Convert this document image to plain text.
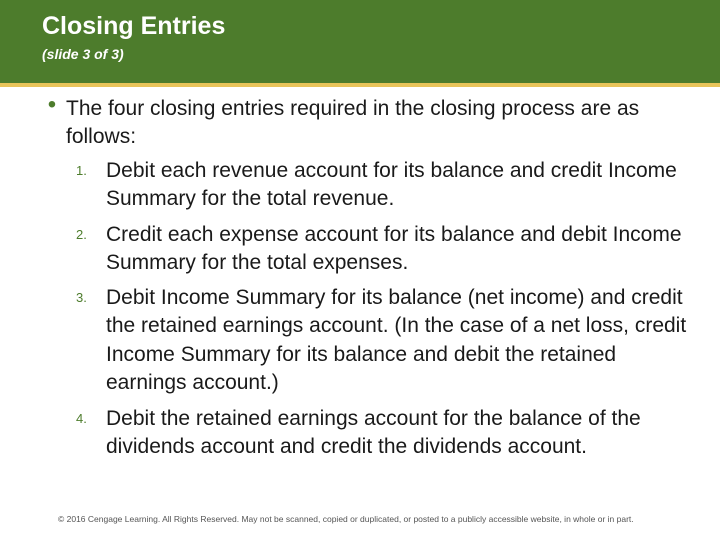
Closing Entries
(slide 3 of 3)
• The four closing entries required in the closing process are as follows:
1. Debit each revenue account for its balance and credit Income Summary for the total revenue.
2. Credit each expense account for its balance and debit Income Summary for the total expenses.
3. Debit Income Summary for its balance (net income) and credit the retained earnings account. (In the case of a net loss, credit Income Summary for its balance and debit the retained earnings account.)
4. Debit the retained earnings account for the balance of the dividends account and credit the dividends account.
© 2016 Cengage Learning. All Rights Reserved. May not be scanned, copied or duplicated, or posted to a publicly accessible website, in whole or in part.
